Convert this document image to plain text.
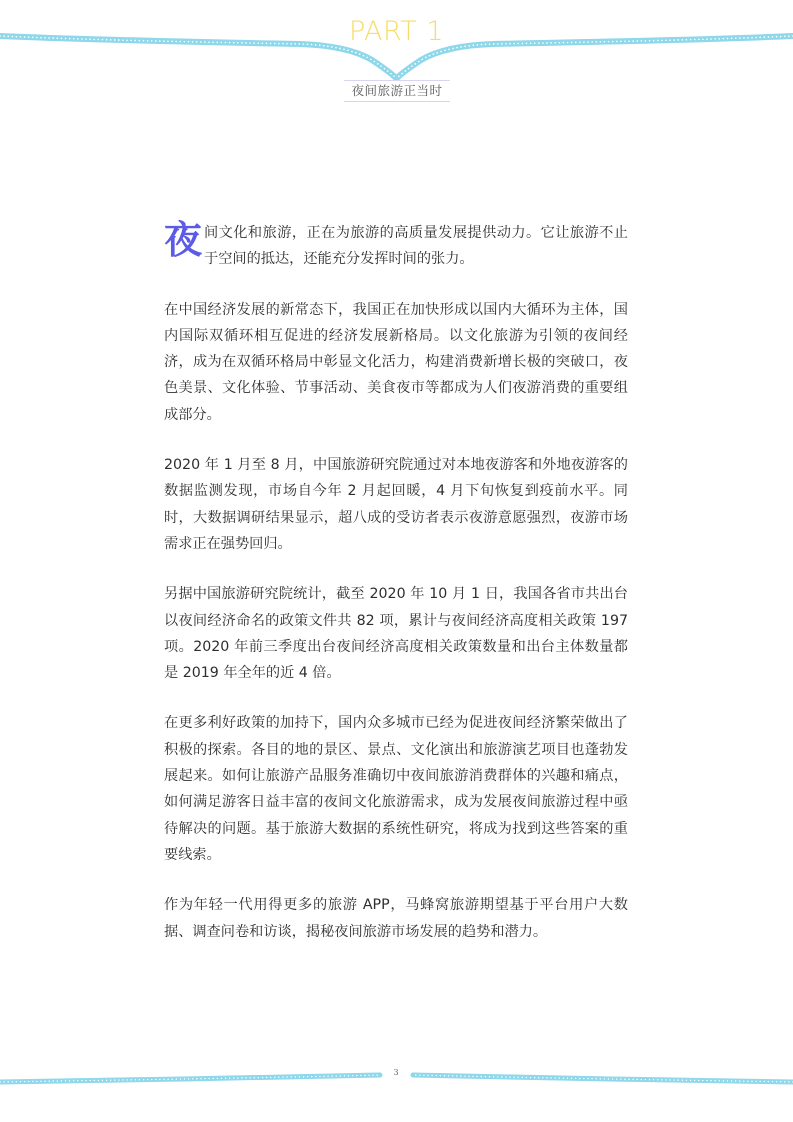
PART 1
夜间旅游正当时

夜间文化和旅游，正在为旅游的高质量发展提供动力。它让旅游不止于空间的抵达，还能充分发挥时间的张力。

在中国经济发展的新常态下，我国正在加快形成以国内大循环为主体，国内国际双循环相互促进的经济发展新格局。以文化旅游为引领的夜间经济，成为在双循环格局中彰显文化活力，构建消费新增长极的突破口，夜色美景、文化体验、节事活动、美食夜市等都成为人们夜游消费的重要组成部分。

2020 年 1 月至 8 月，中国旅游研究院通过对本地夜游客和外地夜游客的数据监测发现，市场自今年 2 月起回暖，4 月下旬恢复到疫前水平。同时，大数据调研结果显示，超八成的受访者表示夜游意愿强烈，夜游市场需求正在强势回归。

另据中国旅游研究院统计，截至 2020 年 10 月 1 日，我国各省市共出台以夜间经济命名的政策文件共 82 项，累计与夜间经济高度相关政策 197 项。2020 年前三季度出台夜间经济高度相关政策数量和出台主体数量都是 2019 年全年的近 4 倍。

在更多利好政策的加持下，国内众多城市已经为促进夜间经济繁荣做出了积极的探索。各目的地的景区、景点、文化演出和旅游演艺项目也蓬勃发展起来。如何让旅游产品服务准确切中夜间旅游消费群体的兴趣和痛点，如何满足游客日益丰富的夜间文化旅游需求，成为发展夜间旅游过程中亟待解决的问题。基于旅游大数据的系统性研究，将成为找到这些答案的重要线索。

作为年轻一代用得更多的旅游 APP，马蜂窝旅游期望基于平台用户大数据、调查问卷和访谈，揭秘夜间旅游市场发展的趋势和潜力。

3
